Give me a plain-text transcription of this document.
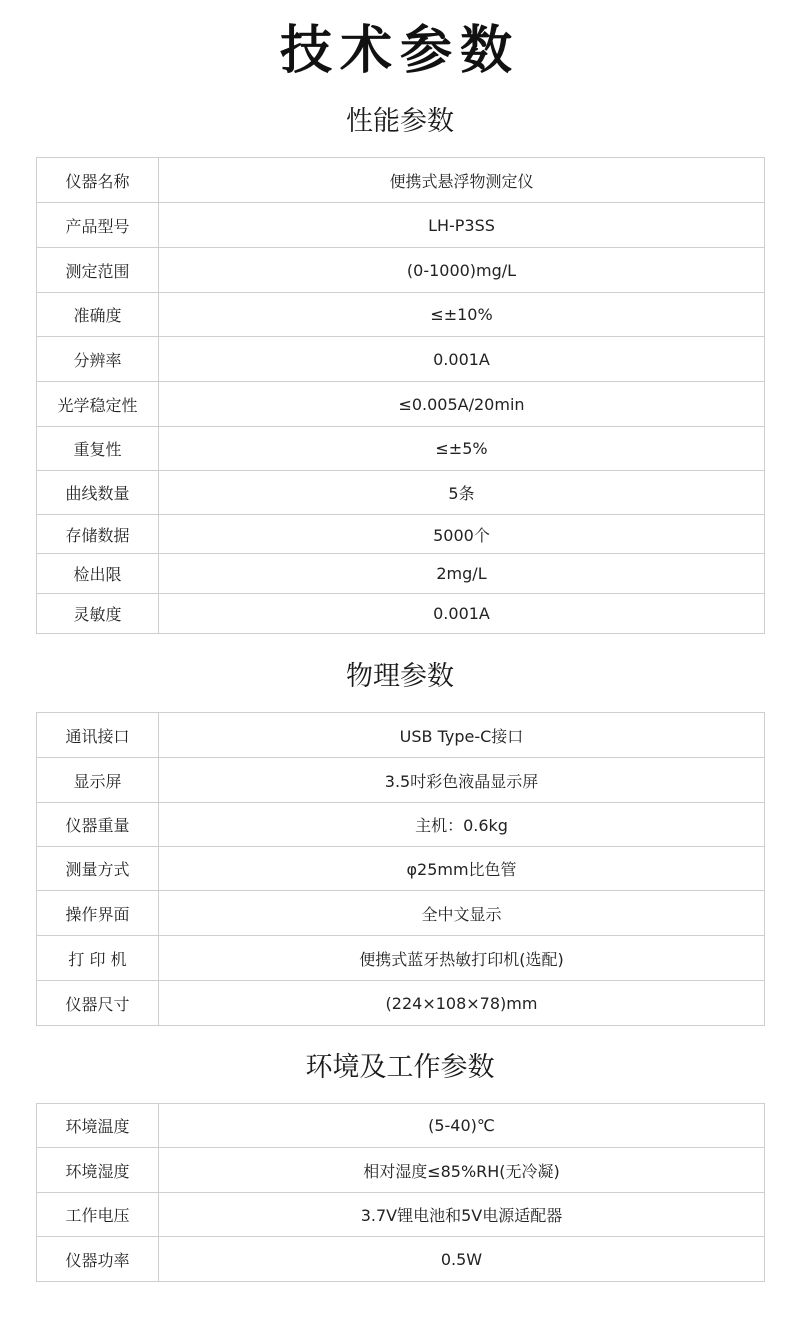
技术参数
性能参数
仪器名称	便携式悬浮物测定仪
产品型号	LH-P3SS
测定范围	(0-1000)mg/L
准确度	≤±10%
分辨率	0.001A
光学稳定性	≤0.005A/20min
重复性	≤±5%
曲线数量	5条
存储数据	5000个
检出限	2mg/L
灵敏度	0.001A
物理参数
通讯接口	USB Type-C接口
显示屏	3.5吋彩色液晶显示屏
仪器重量	主机：0.6kg
测量方式	φ25mm比色管
操作界面	全中文显示
打 印 机	便携式蓝牙热敏打印机(选配)
仪器尺寸	(224×108×78)mm
环境及工作参数
环境温度	(5-40)℃
环境湿度	相对湿度≤85%RH(无冷凝)
工作电压	3.7V锂电池和5V电源适配器
仪器功率	0.5W
